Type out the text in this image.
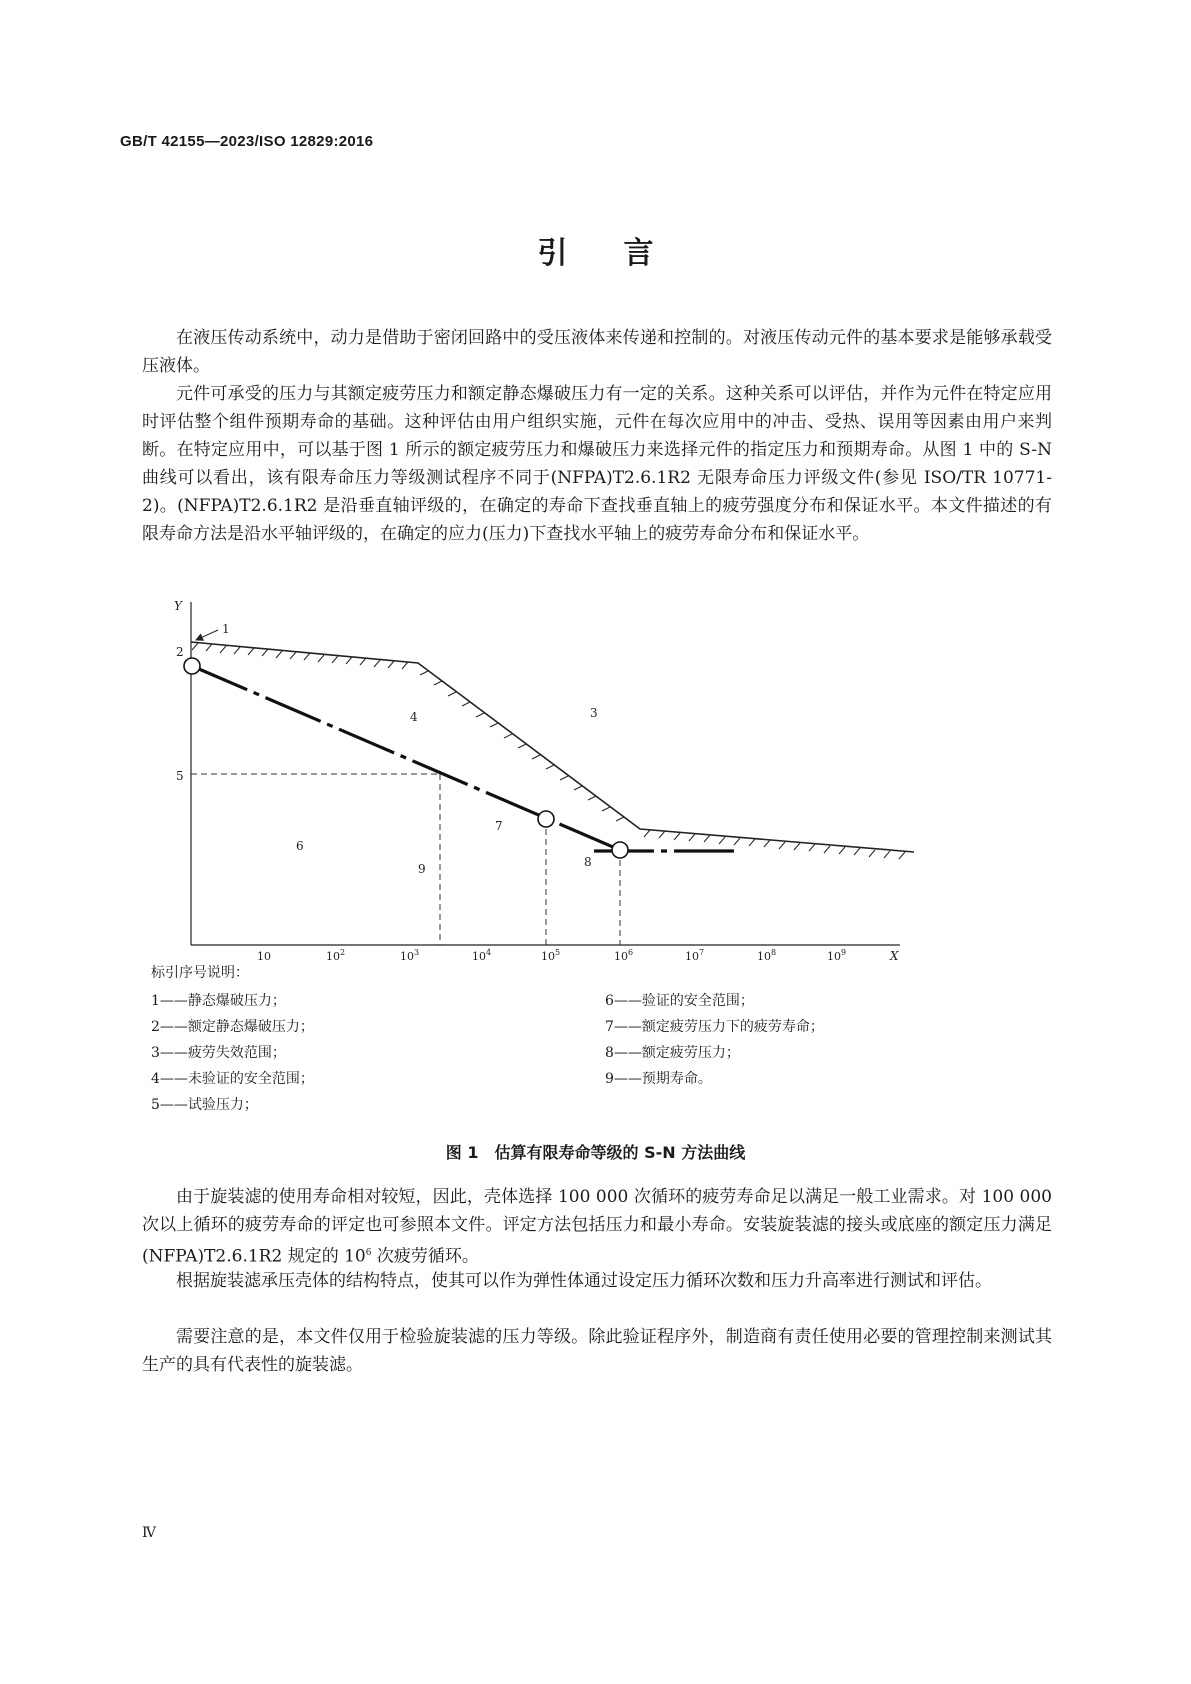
GB/T 42155—2023/ISO 12829:2016
引言

在液压传动系统中，动力是借助于密闭回路中的受压液体来传递和控制的。对液压传动元件的基本要求是能够承载受压液体。

元件可承受的压力与其额定疲劳压力和额定静态爆破压力有一定的关系。这种关系可以评估，并作为元件在特定应用时评估整个组件预期寿命的基础。这种评估由用户组织实施，元件在每次应用中的冲击、受热、误用等因素由用户来判断。在特定应用中，可以基于图 1 所示的额定疲劳压力和爆破压力来选择元件的指定压力和预期寿命。从图 1 中的 S-N 曲线可以看出，该有限寿命压力等级测试程序不同于(NFPA)T2.6.1R2 无限寿命压力评级文件(参见 ISO/TR 10771-2)。(NFPA)T2.6.1R2 是沿垂直轴评级的，在确定的寿命下查找垂直轴上的疲劳强度分布和保证水平。本文件描述的有限寿命方法是沿水平轴评级的，在确定的应力(压力)下查找水平轴上的疲劳寿命分布和保证水平。

Y
X
10	$10^2$	$10^3$	$10^4$	$10^5$	$10^6$	$10^7$	$10^8$	$10^9$
1
2
3
4
5
6
7
8
9
标引序号说明：
1——静态爆破压力；
2——额定静态爆破压力；
3——疲劳失效范围；
4——未验证的安全范围；
5——试验压力；
6——验证的安全范围；
7——额定疲劳压力下的疲劳寿命；
8——额定疲劳压力；
9——预期寿命。
图 1　估算有限寿命等级的 S-N 方法曲线

由于旋装滤的使用寿命相对较短，因此，壳体选择 100 000 次循环的疲劳寿命足以满足一般工业需求。对 100 000 次以上循环的疲劳寿命的评定也可参照本文件。评定方法包括压力和最小寿命。安装旋装滤的接头或底座的额定压力满足(NFPA)T2.6.1R2 规定的 $10^6$ 次疲劳循环。

根据旋装滤承压壳体的结构特点，使其可以作为弹性体通过设定压力循环次数和压力升高率进行测试和评估。

需要注意的是，本文件仅用于检验旋装滤的压力等级。除此验证程序外，制造商有责任使用必要的管理控制来测试其生产的具有代表性的旋装滤。

Ⅳ
